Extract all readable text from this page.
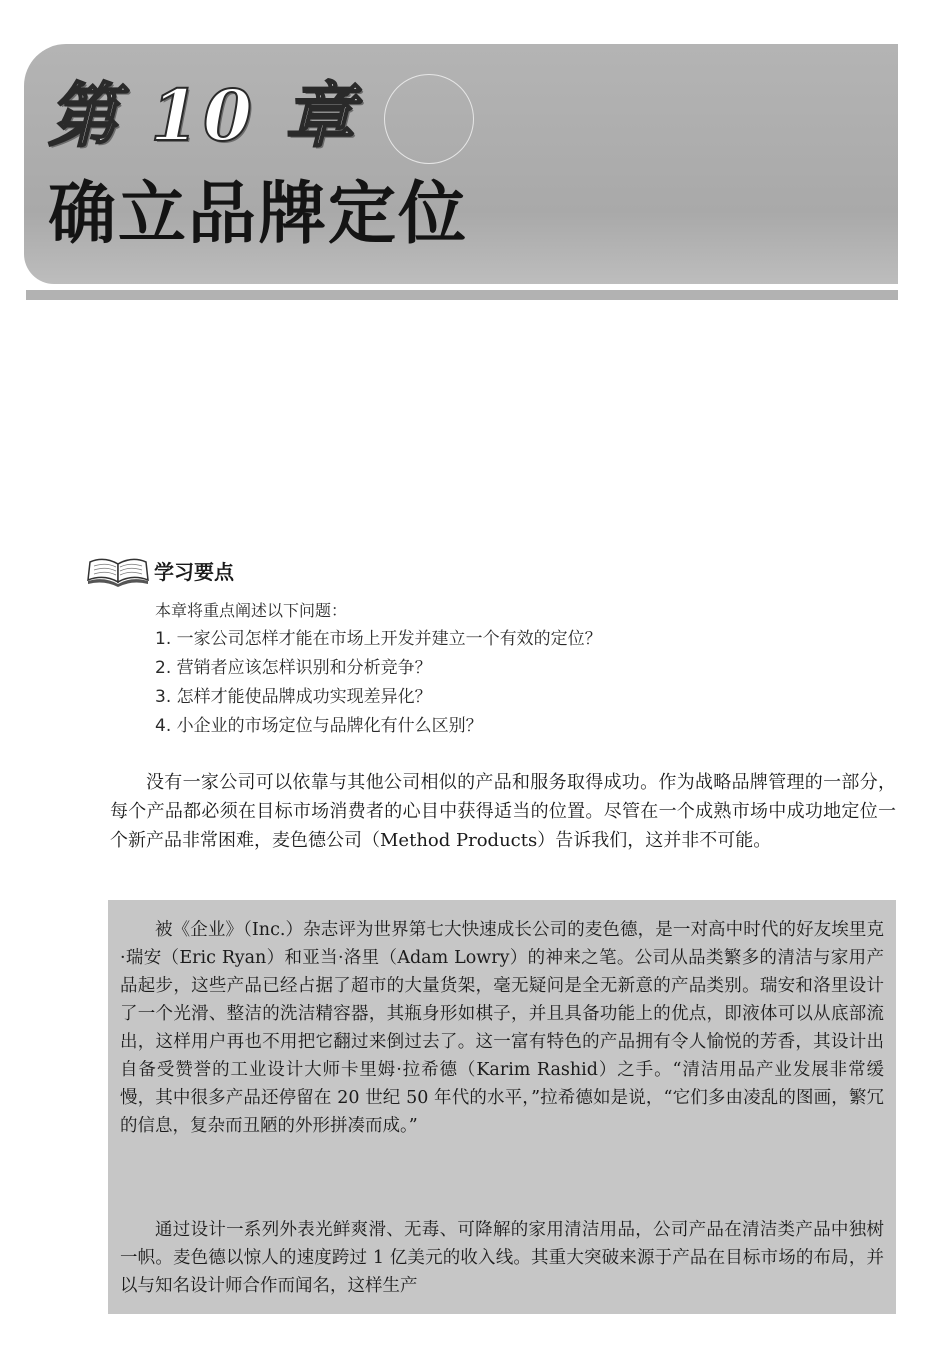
第 10 章
确立品牌定位
学习要点

本章将重点阐述以下问题：

1. 一家公司怎样才能在市场上开发并建立一个有效的定位？

2. 营销者应该怎样识别和分析竞争？

3. 怎样才能使品牌成功实现差异化？

4. 小企业的市场定位与品牌化有什么区别？

没有一家公司可以依靠与其他公司相似的产品和服务取得成功。作为战略品牌管理的一部分，每个产品都必须在目标市场消费者的心目中获得适当的位置。尽管在一个成熟市场中成功地定位一个新产品非常困难，麦色德公司（Method Products）告诉我们，这并非不可能。

被《企业》（Inc.）杂志评为世界第七大快速成长公司的麦色德，是一对高中时代的好友埃里克·瑞安（Eric Ryan）和亚当·洛里（Adam Lowry）的神来之笔。公司从品类繁多的清洁与家用产品起步，这些产品已经占据了超市的大量货架，毫无疑问是全无新意的产品类别。瑞安和洛里设计了一个光滑、整洁的洗洁精容器，其瓶身形如棋子，并且具备功能上的优点，即液体可以从底部流出，这样用户再也不用把它翻过来倒过去了。这一富有特色的产品拥有令人愉悦的芳香，其设计出自备受赞誉的工业设计大师卡里姆·拉希德（Karim Rashid）之手。“清洁用品产业发展非常缓慢，其中很多产品还停留在 20 世纪 50 年代的水平，”拉希德如是说，“它们多由凌乱的图画，繁冗的信息，复杂而丑陋的外形拼凑而成。”

通过设计一系列外表光鲜爽滑、无毒、可降解的家用清洁用品，公司产品在清洁类产品中独树一帜。麦色德以惊人的速度跨过 1 亿美元的收入线。其重大突破来源于产品在目标市场的布局，并以与知名设计师合作而闻名，这样生产
